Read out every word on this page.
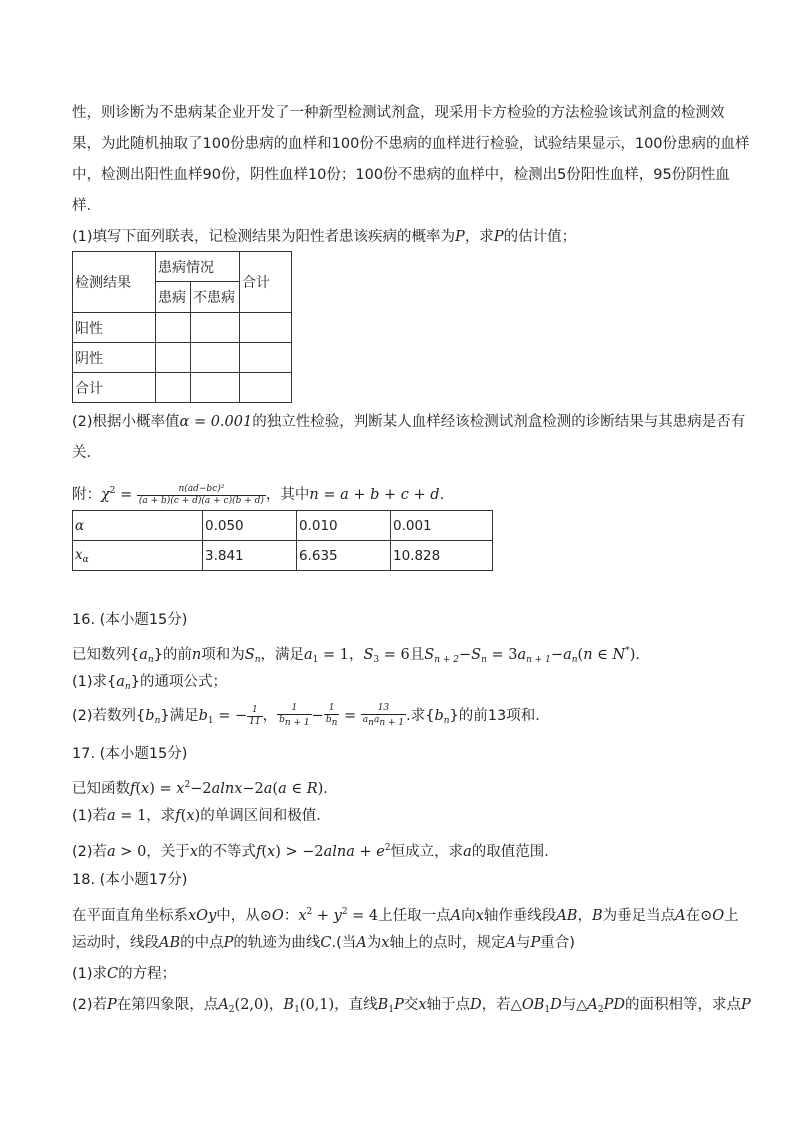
性，则诊断为不患病某企业开发了一种新型检测试剂盒，现采用卡方检验的方法检验该试剂盒的检测效
果，为此随机抽取了100份患病的血样和100份不患病的血样进行检验，试验结果显示，100份患病的血样
中，检测出阳性血样90份，阴性血样10份；100份不患病的血样中，检测出5份阳性血样，95份阴性血
样．
(1)填写下面列联表，记检测结果为阳性者患该疾病的概率为P，求P的估计值；
检测结果	患病情况		合计
	患病	不患病	
阳性			
阴性			
合计			
(2)根据小概率值α = 0.001的独立性检验，判断某人血样经该检测试剂盒检测的诊断结果与其患病是否有
关．
附：$\chi^2 = \frac{\text{n(ad−bc)²}}{(a + b)(c + d)(a + c)(b + d)}$ ，其中n = a + b + c + d．
α	0.050	0.010	0.001
$x_\alpha$	3.841	6.635	10.828
16. (本小题15分)
已知数列$\{a_n\}$的前n项和为$S_n$，满足$a_1 = 1$，$S_3 = 6$且$S_{n + 2}-S_n = 3a_{n + 1}-a_n(n$ ∈ N*)．
(1)求$\{a_n\}$的通项公式；
(2)若数列$\{b_n\}$满足$b_1$ = − $\frac{1}{11}$ ， $\frac{1}{b_{n + 1}} - \frac{1}{b_n} = \frac{13}{a_na_{n + 1}}$ .求$\{b_n\}$的前13项和．
17. (本小题15分)
已知函数$f(x) = x^2-2alnx-2a(a$ ∈ R)．
(1)若a = 1，求f(x)的单调区间和极值．
(2)若a > 0，关于x的不等式$f(x) > -2alna + e^2$恒成立，求a的取值范围．
18. (本小题17分)
在平面直角坐标系xOy中，从⊙O：$x^2 + y^2 = 4$上任取一点A向x轴作垂线段AB，B为垂足当点A在⊙O上
运动时，线段AB的中点P的轨迹为曲线C.(当A为x轴上的点时，规定A与P重合)
(1)求C的方程；
(2)若P在第四象限，点$A_2(2,0)$，$B_1(0,1)$，直线$B_1P$交x轴于点D，若$\triangle OB_1D$与$\triangle A_2PD$的面积相等，求点P
